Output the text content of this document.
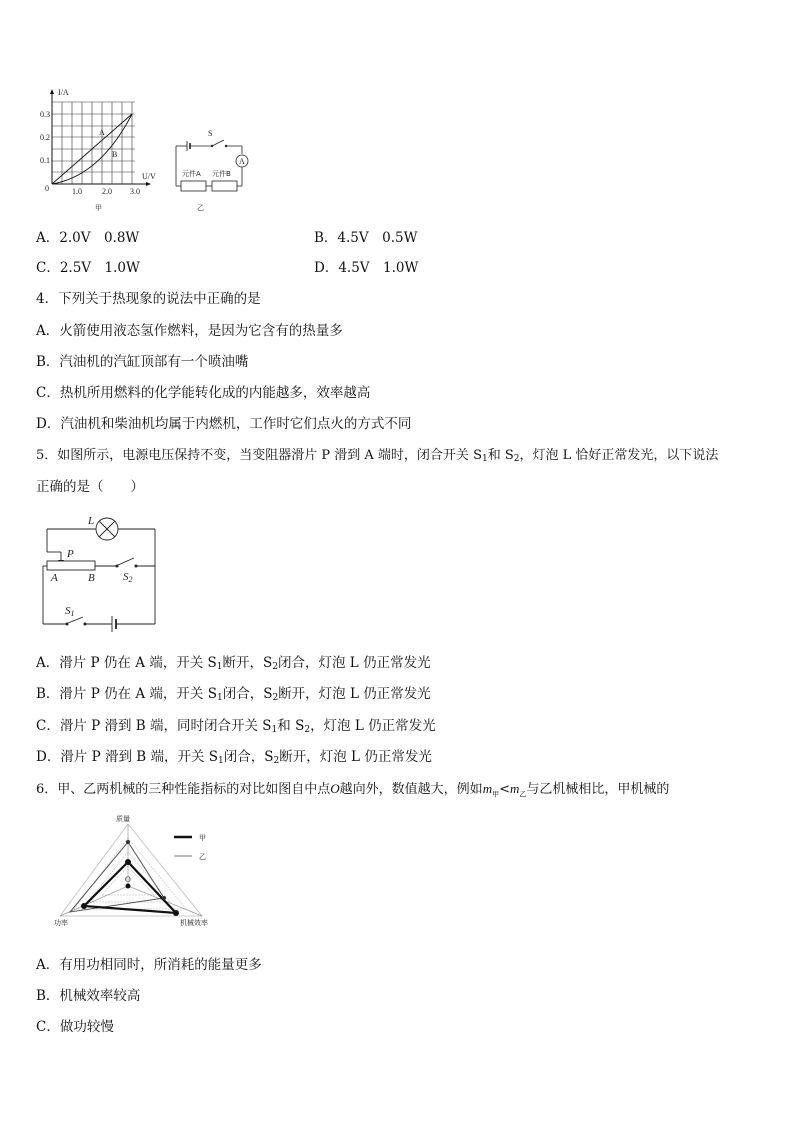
I/A
U/V
0
0.1
0.2
0.3
1.0	2.0 3.0
A
B
甲
A
元件A 元件B
S
乙
A．2.0V　0.8W	B．4.5V　0.5W
C．2.5V　1.0W	D．4.5V　1.0W
4．下列关于热现象的说法中正确的是
A．火箭使用液态氢作燃料，是因为它含有的热量多
B．汽油机的汽缸顶部有一个喷油嘴
C．热机所用燃料的化学能转化成的内能越多，效率越高
D．汽油机和柴油机均属于内燃机，工作时它们点火的方式不同
5．如图所示，电源电压保持不变，当变阻器滑片 P 滑到 A 端时，闭合开关 $S_1$和 $S_2$，灯泡 L 恰好正常发光，以下说法
正确的是（　　）
L
P
A	B	S2
S1
A．滑片 P 仍在 A 端，开关 $S_1$断开，$S_2$闭合，灯泡 L 仍正常发光
B．滑片 P 仍在 A 端，开关 $S_1$闭合，$S_2$断开，灯泡 L 仍正常发光
C．滑片 P 滑到 B 端，同时闭合开关 $S_1$和 $S_2$，灯泡 L 仍正常发光
D．滑片 P 滑到 B 端，开关 $S_1$闭合，$S_2$断开，灯泡 L 仍正常发光
6．甲、乙两机械的三种性能指标的对比如图自中点O越向外，数值越大，例如$m_甲<m_乙$与乙机械相比，甲机械的
质量
功率	机械效率
O
甲
乙
A．有用功相同时，所消耗的能量更多
B．机械效率较高
C．做功较慢
